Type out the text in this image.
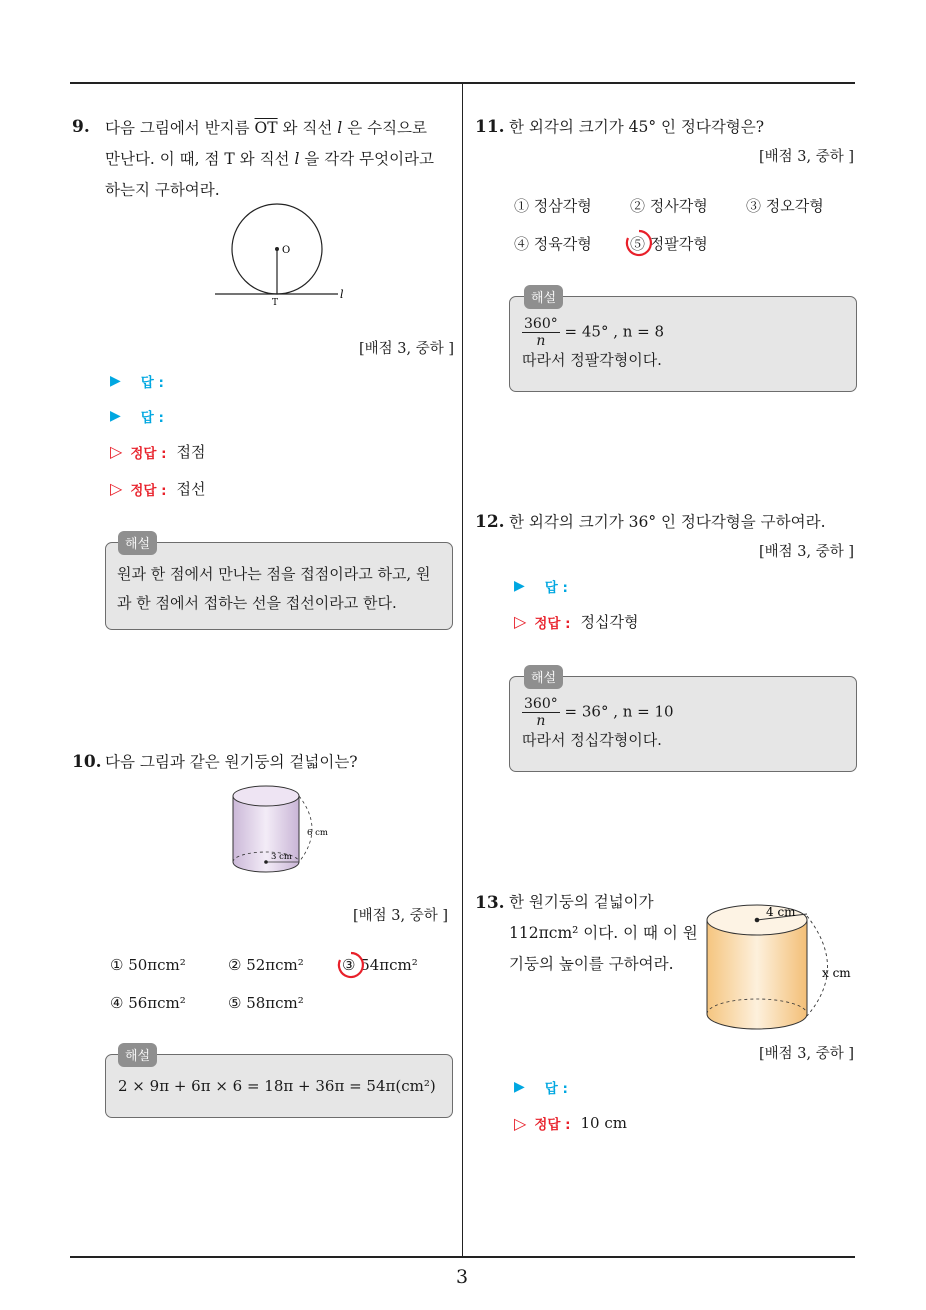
3
9. 다음 그림에서 반지름 $\overline{OT}$ 와 직선 l 은 수직으로
만난다. 이 때, 점 T 와 직선 l 을 각각 무엇이라고
하는지 구하여라.
O
T
l
[배점 3, 중하 ]
▶ 답 :
▶ 답 :
▷ 정답 : 접점
▷ 정답 : 접선
해설
원과 한 점에서 만나는 점을 접점이라고 하고, 원
과 한 점에서 접하는 선을 접선이라고 한다.
10. 다음 그림과 같은 원기둥의 겉넓이는?
6 cm
3 cm
[배점 3, 중하 ]
① 50πcm²	② 52πcm²	③ 54πcm²
④ 56πcm²	⑤ 58πcm²
해설
2 × 9π + 6π × 6 = 18π + 36π = 54π(cm²)
11. 한 외각의 크기가 45° 인 정다각형은?
[배점 3, 중하 ]
① 정삼각형	② 정사각형	③ 정오각형
④ 정육각형	⑤ 정팔각형
해설
$\frac{360^\circ}{n} = 45^\circ$ , n = 8
따라서 정팔각형이다.
12. 한 외각의 크기가 36° 인 정다각형을 구하여라.
[배점 3, 중하 ]
▶ 답 :
▷ 정답 : 정십각형
해설
$\frac{360^\circ}{n} = 36^\circ$ , n = 10
따라서 정십각형이다.
13. 한 원기둥의 겉넓이가
112πcm² 이다. 이 때 이 원
기둥의 높이를 구하여라.
4 cm
x cm
[배점 3, 중하 ]
▶ 답 :
▷ 정답 : 10 cm
